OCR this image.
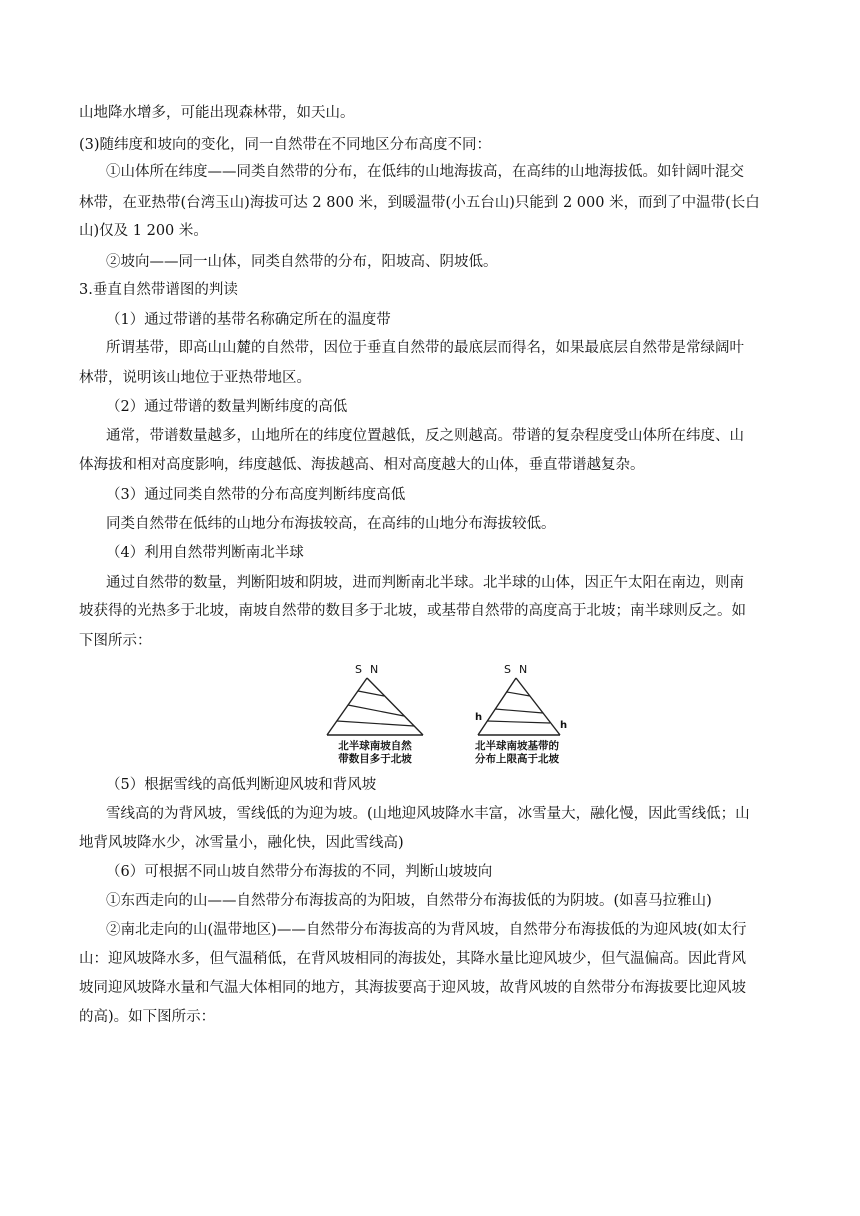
山地降水增多，可能出现森林带，如天山。
(3)随纬度和坡向的变化，同一自然带在不同地区分布高度不同：
①山体所在纬度——同类自然带的分布，在低纬的山地海拔高，在高纬的山地海拔低。如针阔叶混交
林带，在亚热带(台湾玉山)海拔可达 2 800 米，到暖温带(小五台山)只能到 2 000 米，而到了中温带(长白
山)仅及 1 200 米。
②坡向——同一山体，同类自然带的分布，阳坡高、阴坡低。
3.垂直自然带谱图的判读
（1）通过带谱的基带名称确定所在的温度带
所谓基带，即高山山麓的自然带，因位于垂直自然带的最底层而得名，如果最底层自然带是常绿阔叶
林带，说明该山地位于亚热带地区。
（2）通过带谱的数量判断纬度的高低
通常，带谱数量越多，山地所在的纬度位置越低，反之则越高。带谱的复杂程度受山体所在纬度、山
体海拔和相对高度影响，纬度越低、海拔越高、相对高度越大的山体，垂直带谱越复杂。
（3）通过同类自然带的分布高度判断纬度高低
同类自然带在低纬的山地分布海拔较高，在高纬的山地分布海拔较低。
（4）利用自然带判断南北半球
通过自然带的数量，判断阳坡和阴坡，进而判断南北半球。北半球的山体，因正午太阳在南边，则南
坡获得的光热多于北坡，南坡自然带的数目多于北坡，或基带自然带的高度高于北坡；南半球则反之。如
下图所示：
S N
北半球南坡自然
带数目多于北坡
S N
h
h
北半球南坡基带的
分布上限高于北坡
（5）根据雪线的高低判断迎风坡和背风坡
雪线高的为背风坡，雪线低的为迎为坡。(山地迎风坡降水丰富，冰雪量大，融化慢，因此雪线低；山
地背风坡降水少，冰雪量小，融化快，因此雪线高)
（6）可根据不同山坡自然带分布海拔的不同，判断山坡坡向
①东西走向的山——自然带分布海拔高的为阳坡，自然带分布海拔低的为阴坡。(如喜马拉雅山)
②南北走向的山(温带地区)——自然带分布海拔高的为背风坡，自然带分布海拔低的为迎风坡(如太行
山：迎风坡降水多，但气温稍低，在背风坡相同的海拔处，其降水量比迎风坡少，但气温偏高。因此背风
坡同迎风坡降水量和气温大体相同的地方，其海拔要高于迎风坡，故背风坡的自然带分布海拔要比迎风坡
的高)。如下图所示：
